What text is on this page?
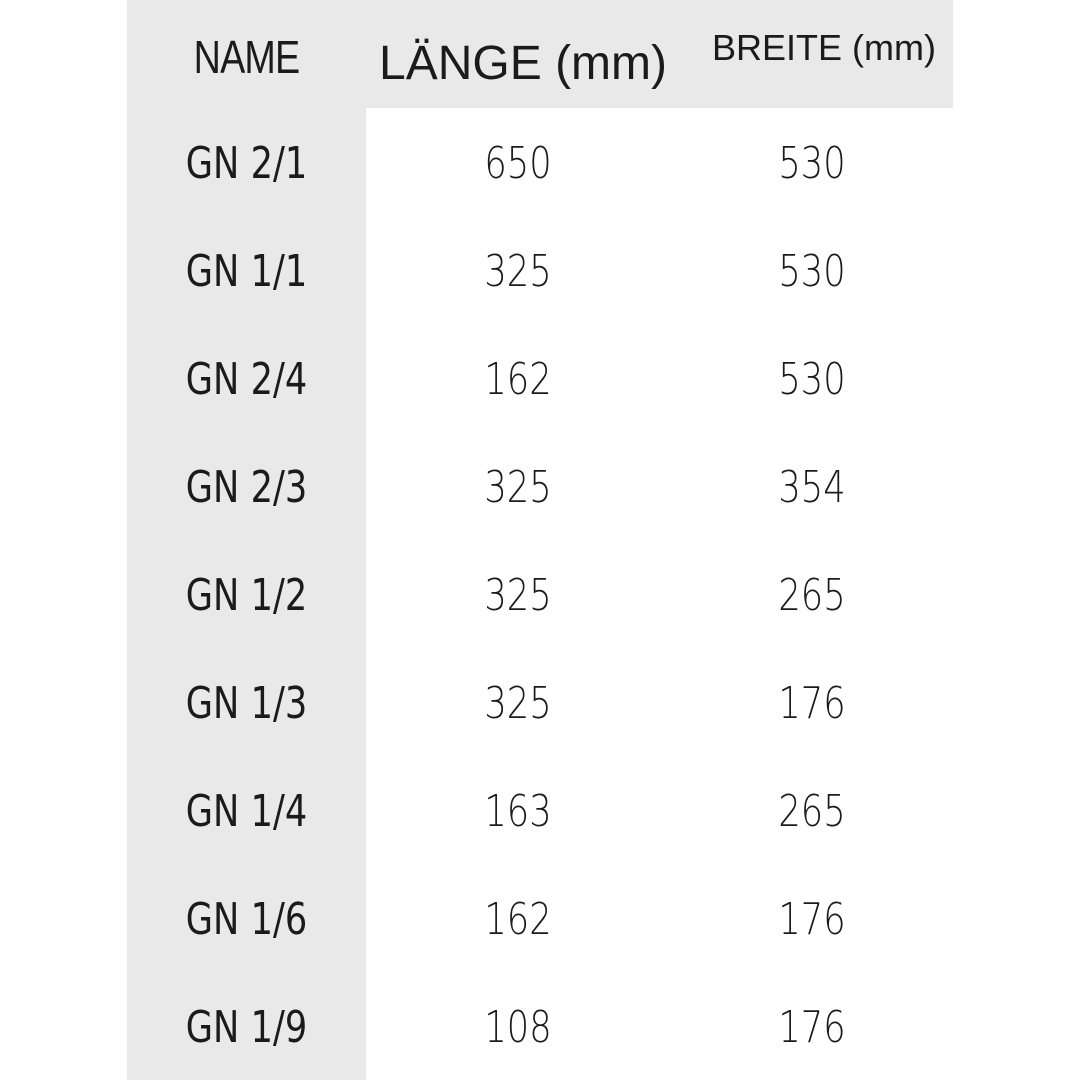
NAME	LÄNGE (mm)	BREITE (mm)
GN 2/1	650	530
GN 1/1	325	530
GN 2/4	162	530
GN 2/3	325	354
GN 1/2	325	265
GN 1/3	325	176
GN 1/4	163	265
GN 1/6	162	176
GN 1/9	108	176
